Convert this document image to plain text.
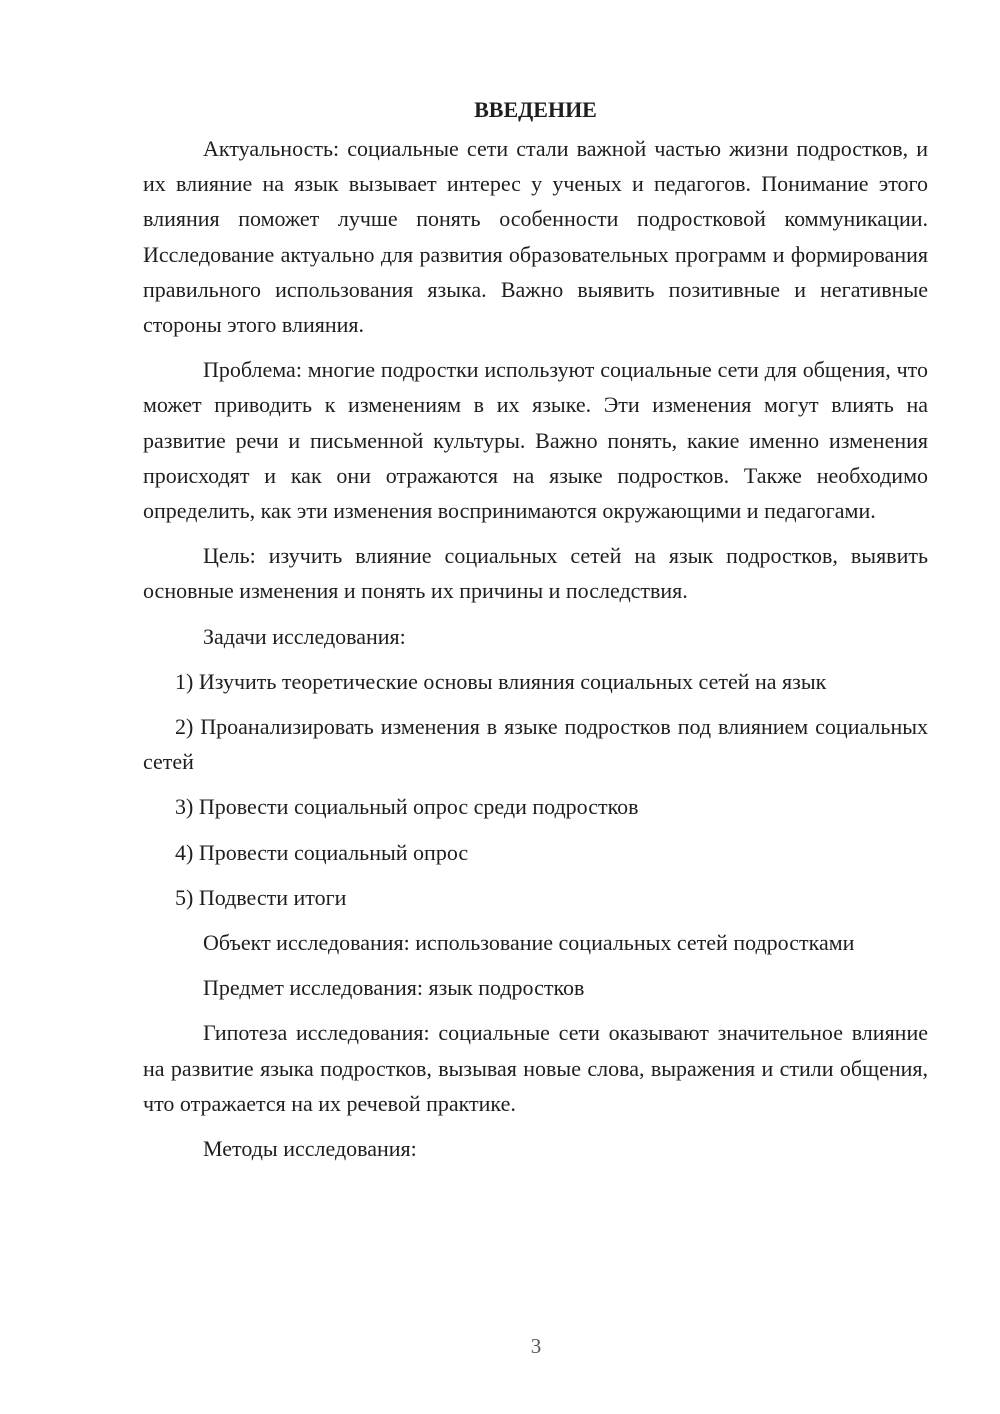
ВВЕДЕНИЕ

Актуальность: социальные сети стали важной частью жизни подростков, и их влияние на язык вызывает интерес у ученых и педагогов. Понимание этого влияния поможет лучше понять особенности подростковой коммуникации. Исследование актуально для развития образовательных программ и формирования правильного использования языка. Важно выявить позитивные и негативные стороны этого влияния.

Проблема: многие подростки используют социальные сети для общения, что может приводить к изменениям в их языке. Эти изменения могут влиять на развитие речи и письменной культуры. Важно понять, какие именно изменения происходят и как они отражаются на языке подростков. Также необходимо определить, как эти изменения воспринимаются окружающими и педагогами.

Цель: изучить влияние социальных сетей на язык подростков, выявить основные изменения и понять их причины и последствия.

Задачи исследования:

1) Изучить теоретические основы влияния социальных сетей на язык

2) Проанализировать изменения в языке подростков под влиянием социальных сетей

3) Провести социальный опрос среди подростков

4) Провести социальный опрос

5) Подвести итоги

Объект исследования: использование социальных сетей подростками

Предмет исследования: язык подростков

Гипотеза исследования: социальные сети оказывают значительное влияние на развитие языка подростков, вызывая новые слова, выражения и стили общения, что отражается на их речевой практике.

Методы исследования:

3
